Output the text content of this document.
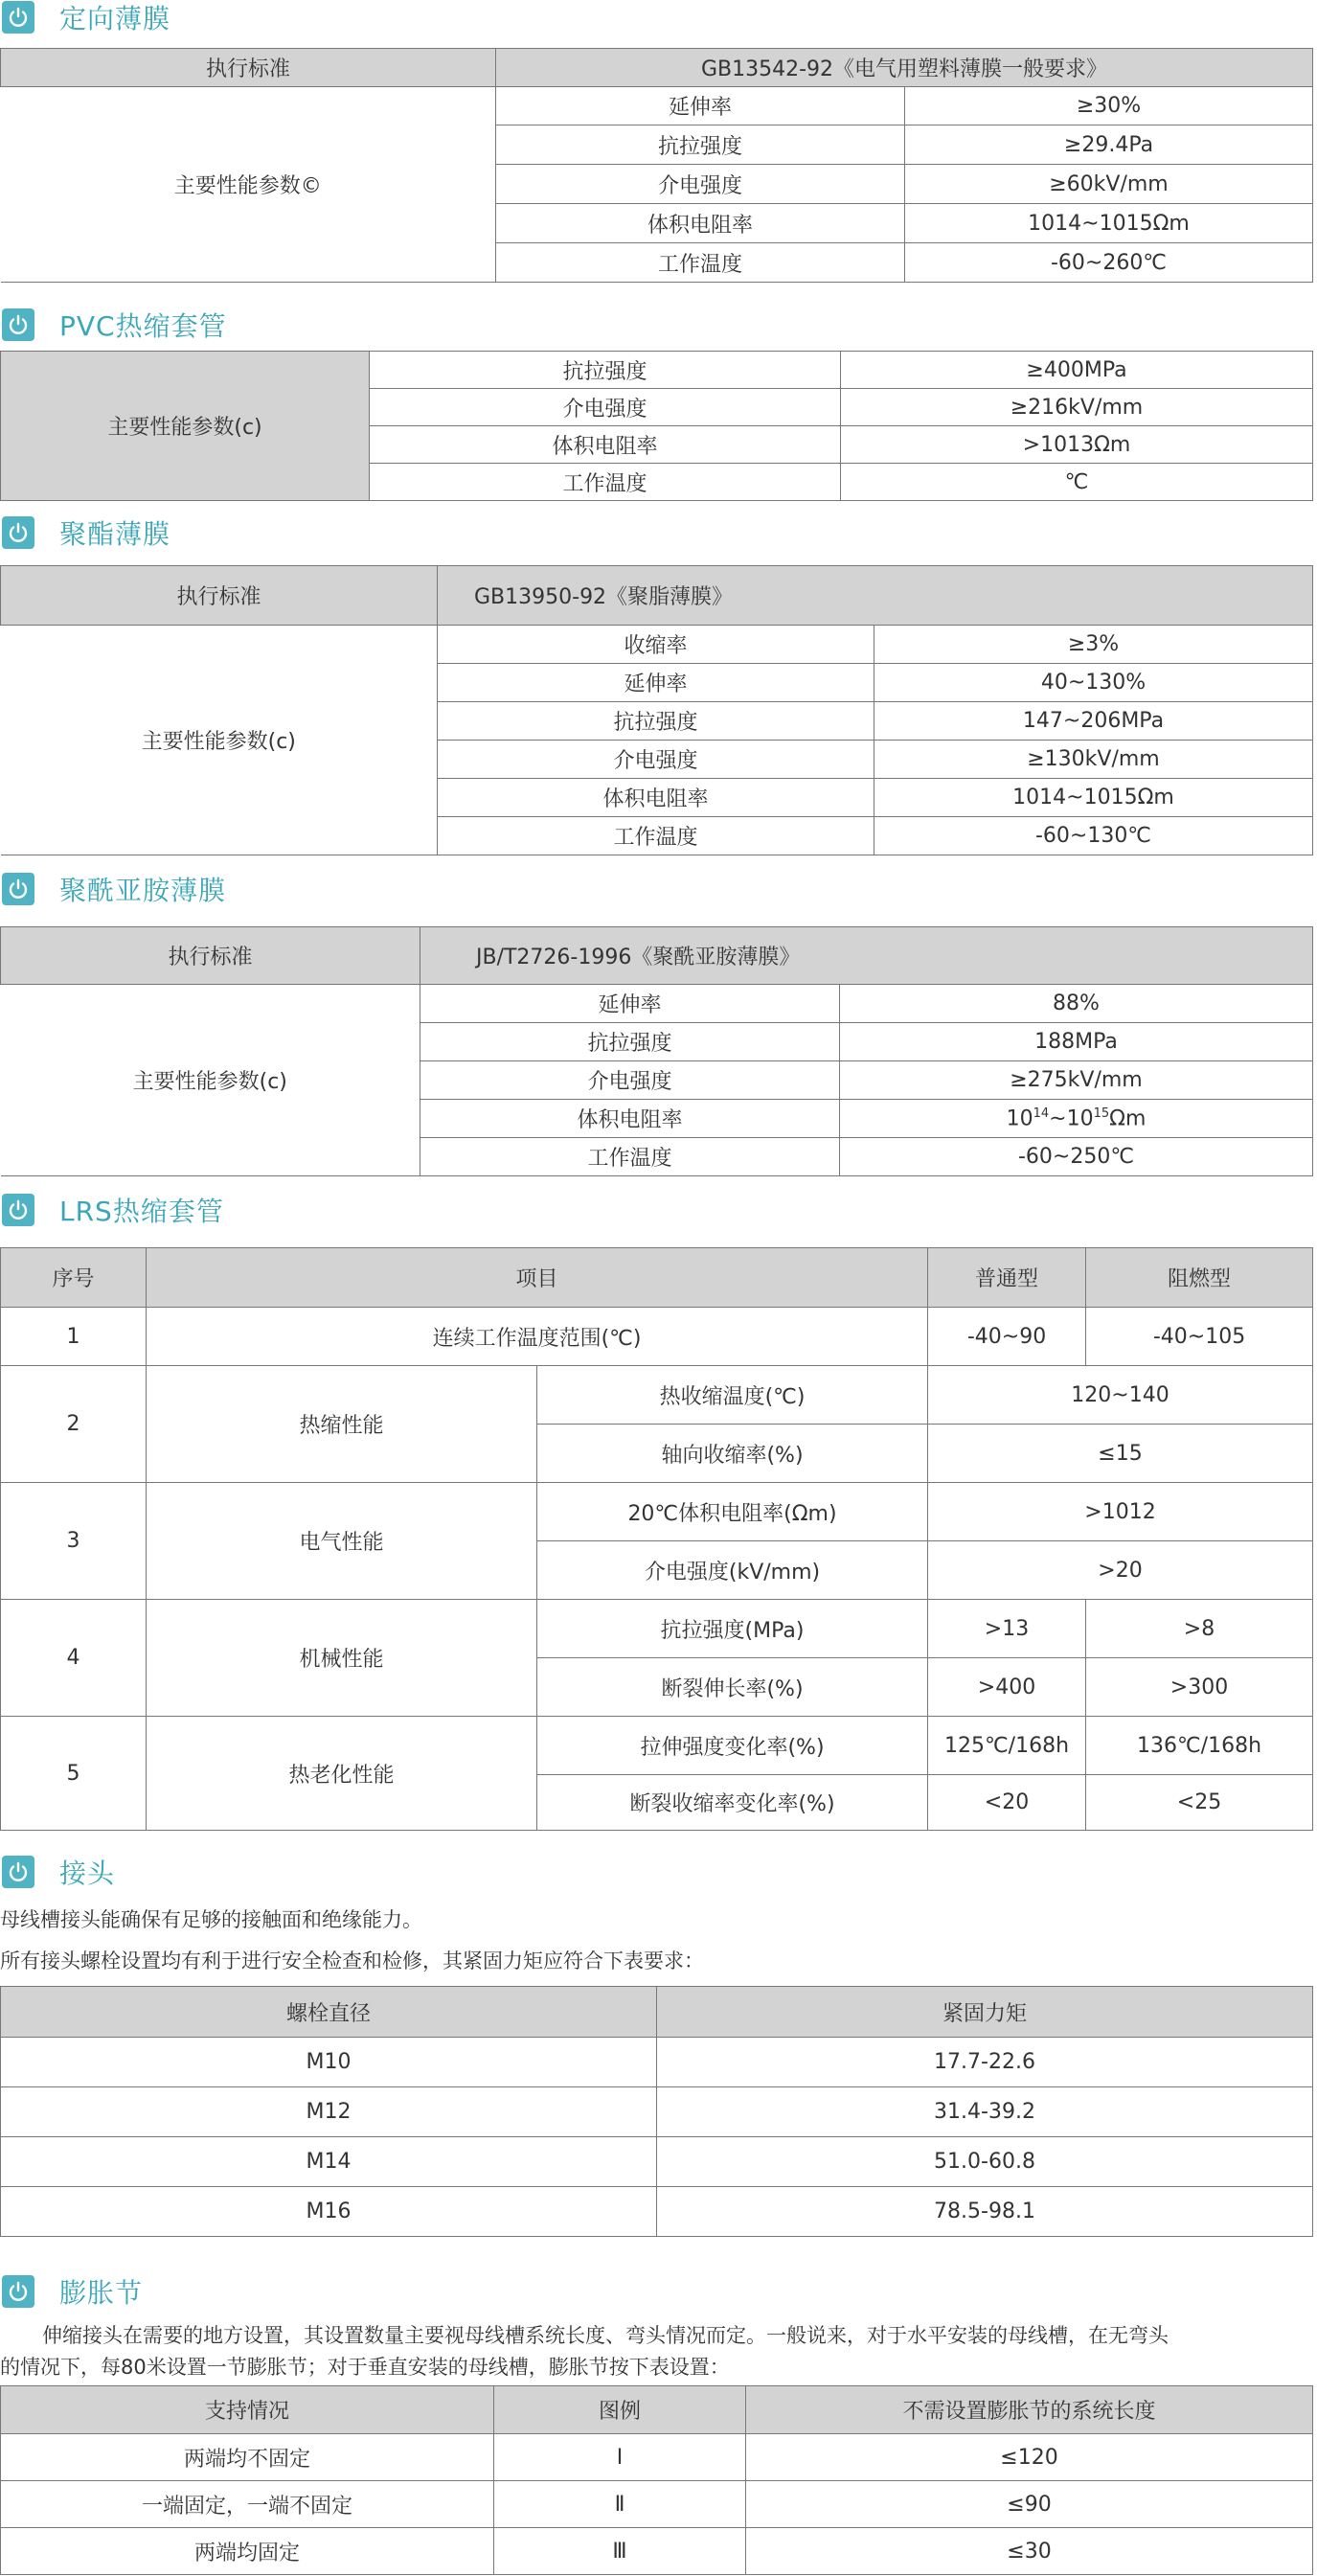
定向薄膜
执行标准	GB13542-92《电气用塑料薄膜一般要求》	
主要性能参数©	延伸率	≥30%
	抗拉强度	≥29.4Pa
	介电强度	≥60kV/mm
	体积电阻率	1014~1015Ωm
	工作温度	-60~260℃
PVC热缩套管
主要性能参数(c)	抗拉强度	≥400MPa
	介电强度	≥216kV/mm
	体积电阻率	>1013Ωm
	工作温度	℃
聚酯薄膜
执行标准	GB13950-92《聚脂薄膜》	
主要性能参数(c)	收缩率	≥3%
	延伸率	40~130%
	抗拉强度	147~206MPa
	介电强度	≥130kV/mm
	体积电阻率	1014~1015Ωm
	工作温度	-60~130℃
聚酰亚胺薄膜
执行标准	JB/T2726-1996《聚酰亚胺薄膜》	
主要性能参数(c)	延伸率	88%
	抗拉强度	188MPa
	介电强度	≥275kV/mm
	体积电阻率	$10^{14}\sim 10^{15}\Omega m$
	工作温度	-60~250℃
LRS热缩套管
序号	项目		普通型	阻燃型
1	连续工作温度范围(℃)		-40~90	-40~105
2	热缩性能	热收缩温度(℃)	120~140	
		轴向收缩率(%)	≤15	
3	电气性能	20℃体积电阻率(Ωm)	>1012	
		介电强度(kV/mm)	>20	
4	机械性能	抗拉强度(MPa)	>13	>8
		断裂伸长率(%)	>400	>300
5	热老化性能	拉伸强度变化率(%)	125℃/168h	136℃/168h
		断裂收缩率变化率(%)	<20	<25
接头
母线槽接头能确保有足够的接触面和绝缘能力。
所有接头螺栓设置均有利于进行安全检查和检修，其紧固力矩应符合下表要求：
螺栓直径	紧固力矩
M10	17.7-22.6
M12	31.4-39.2
M14	51.0-60.8
M16	78.5-98.1
膨胀节
伸缩接头在需要的地方设置，其设置数量主要视母线槽系统长度、弯头情况而定。一般说来，对于水平安装的母线槽，在无弯头
的情况下，每80米设置一节膨胀节；对于垂直安装的母线槽，膨胀节按下表设置：
支持情况	图例	不需设置膨胀节的系统长度
两端均不固定	Ⅰ	≤120
一端固定，一端不固定	Ⅱ	≤90
两端均固定	Ⅲ	≤30
